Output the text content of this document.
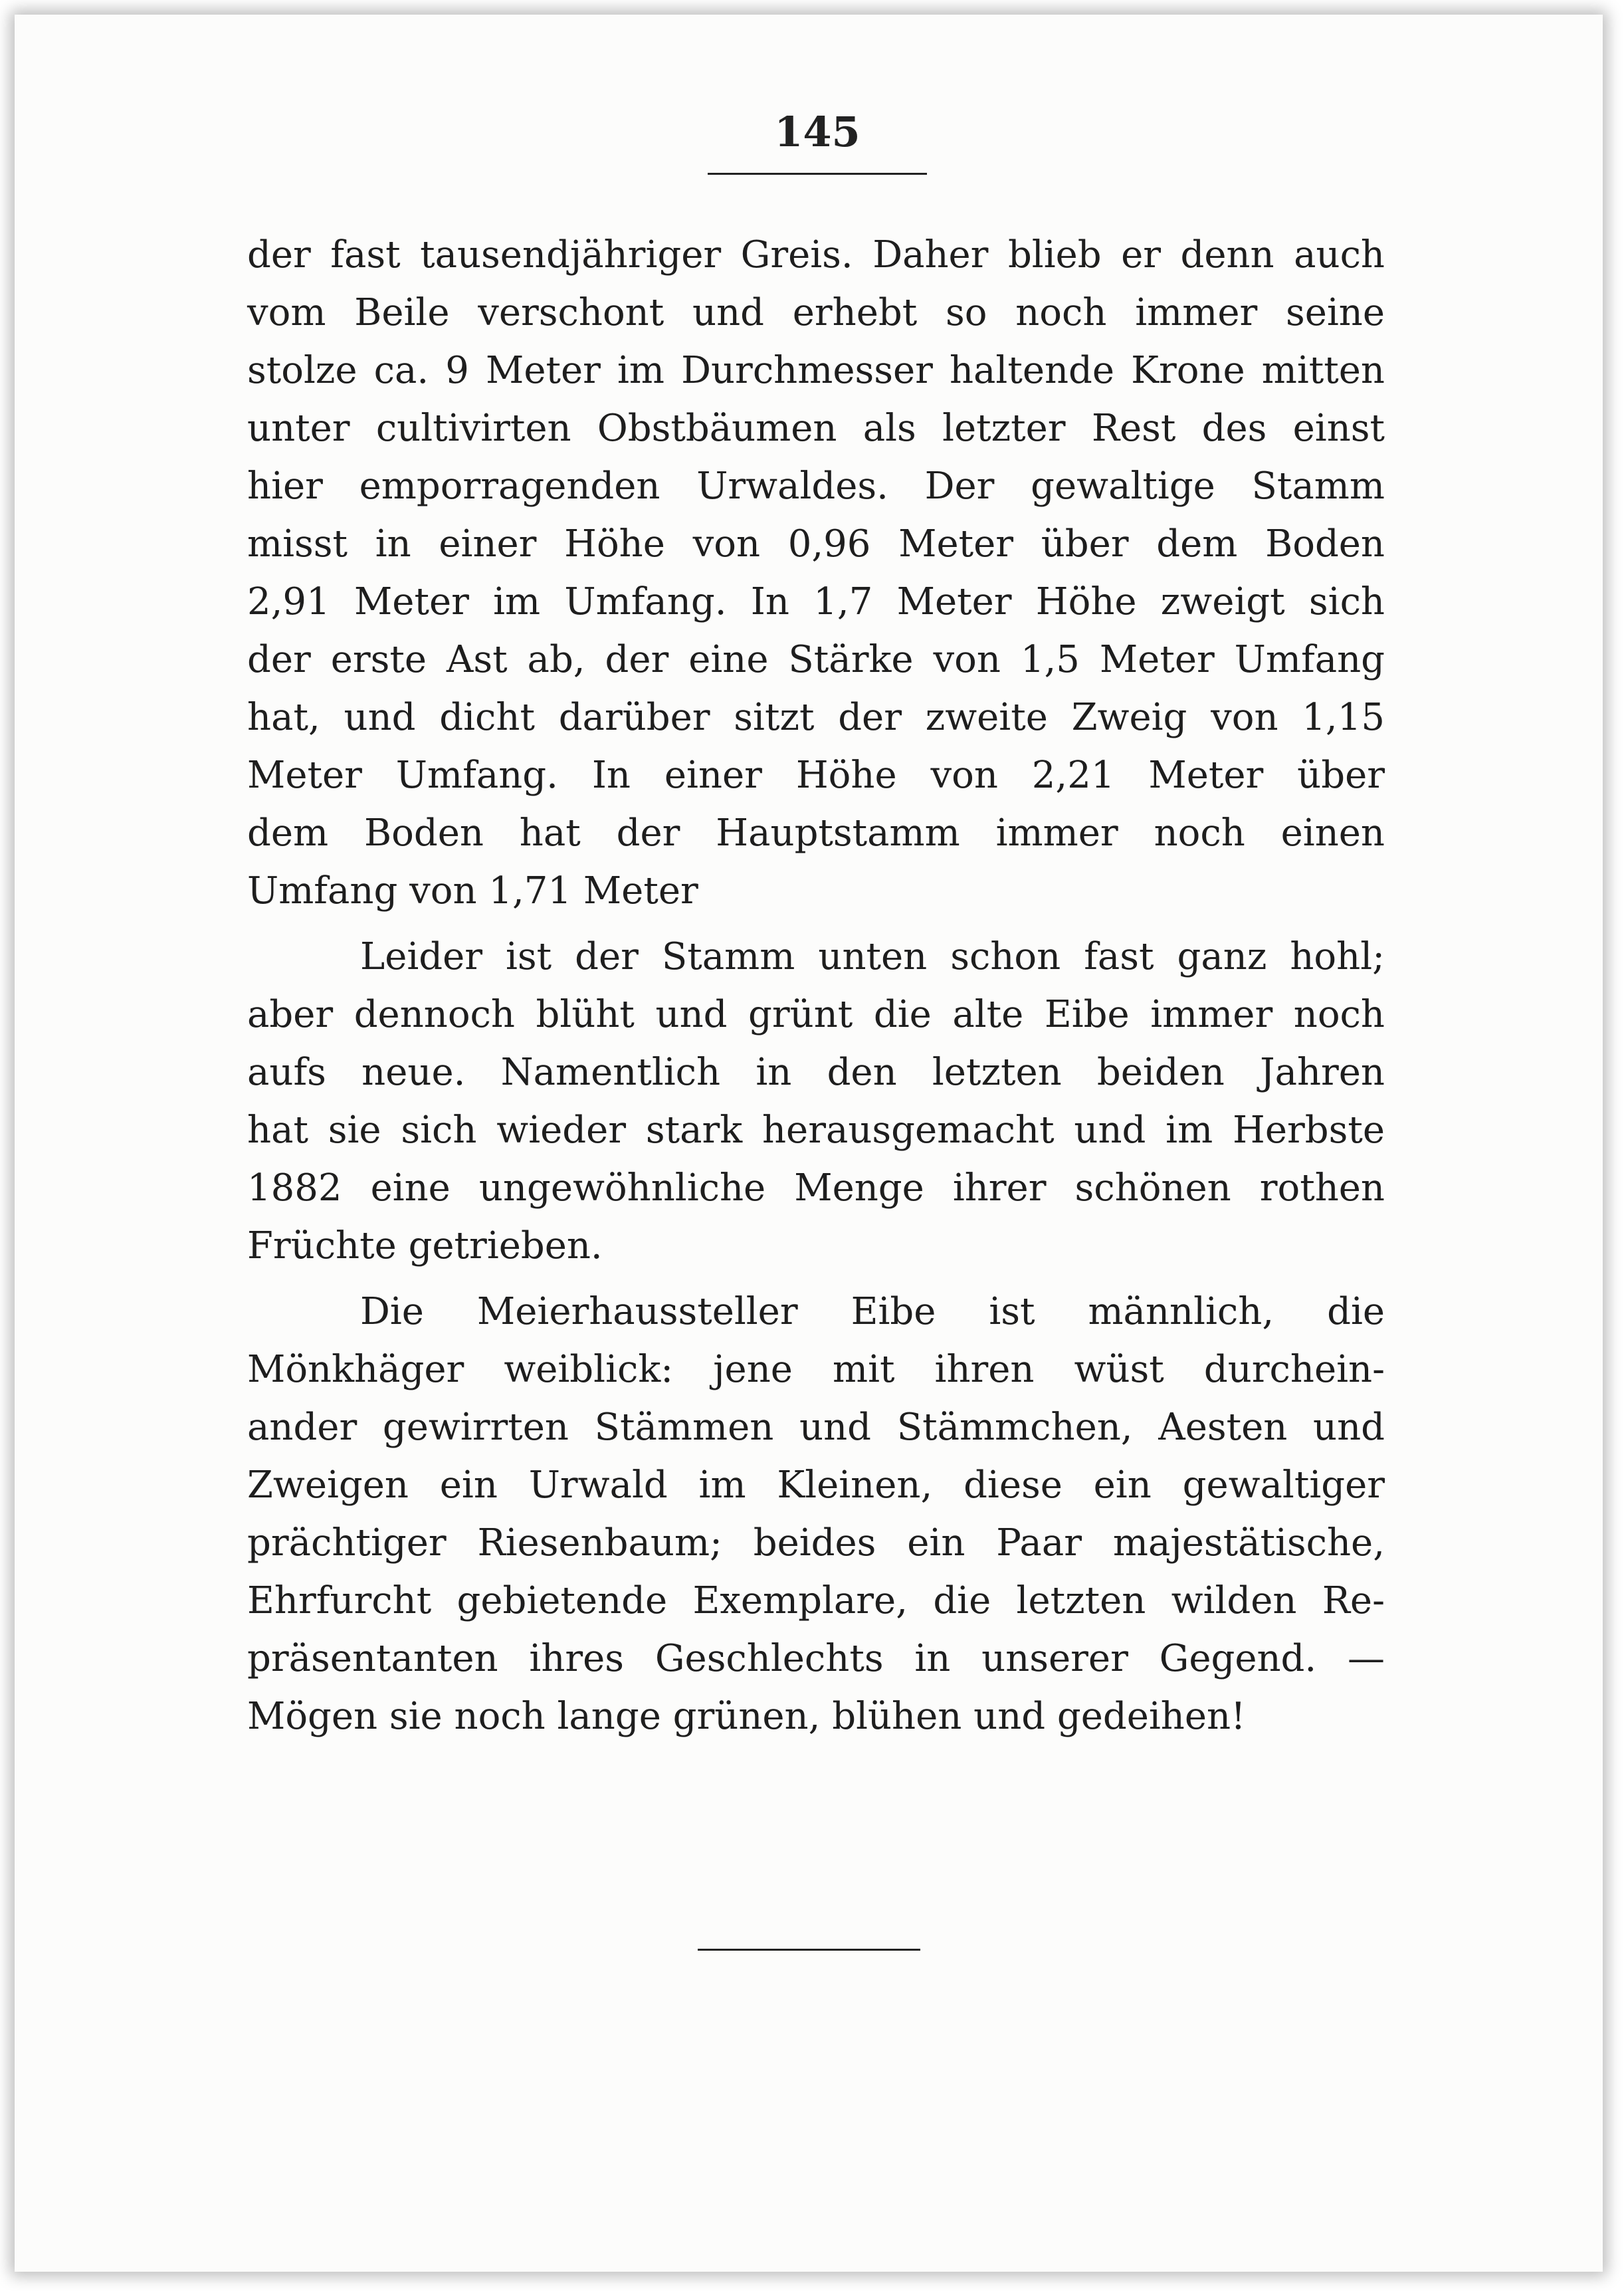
145
der fast tausendjähriger Greis. Daher blieb er denn auch
vom Beile verschont und erhebt so noch immer seine
stolze ca. 9 Meter im Durchmesser haltende Krone mitten
unter cultivirten Obstbäumen als letzter Rest des einst
hier emporragenden Urwaldes. Der gewaltige Stamm
misst in einer Höhe von 0,96 Meter über dem Boden
2,91 Meter im Umfang. In 1,7 Meter Höhe zweigt sich
der erste Ast ab, der eine Stärke von 1,5 Meter Umfang
hat, und dicht darüber sitzt der zweite Zweig von 1,15
Meter Umfang. In einer Höhe von 2,21 Meter über
dem Boden hat der Hauptstamm immer noch einen
Umfang von 1,71 Meter
Leider ist der Stamm unten schon fast ganz hohl;
aber dennoch blüht und grünt die alte Eibe immer noch
aufs neue. Namentlich in den letzten beiden Jahren
hat sie sich wieder stark herausgemacht und im Herbste
1882 eine ungewöhnliche Menge ihrer schönen rothen
Früchte getrieben.
Die Meierhaussteller Eibe ist männlich, die
Mönkhäger weiblick: jene mit ihren wüst durchein-
ander gewirrten Stämmen und Stämmchen, Aesten und
Zweigen ein Urwald im Kleinen, diese ein gewaltiger
prächtiger Riesenbaum; beides ein Paar majestätische,
Ehrfurcht gebietende Exemplare, die letzten wilden Re-
präsentanten ihres Geschlechts in unserer Gegend. —
Mögen sie noch lange grünen, blühen und gedeihen!
